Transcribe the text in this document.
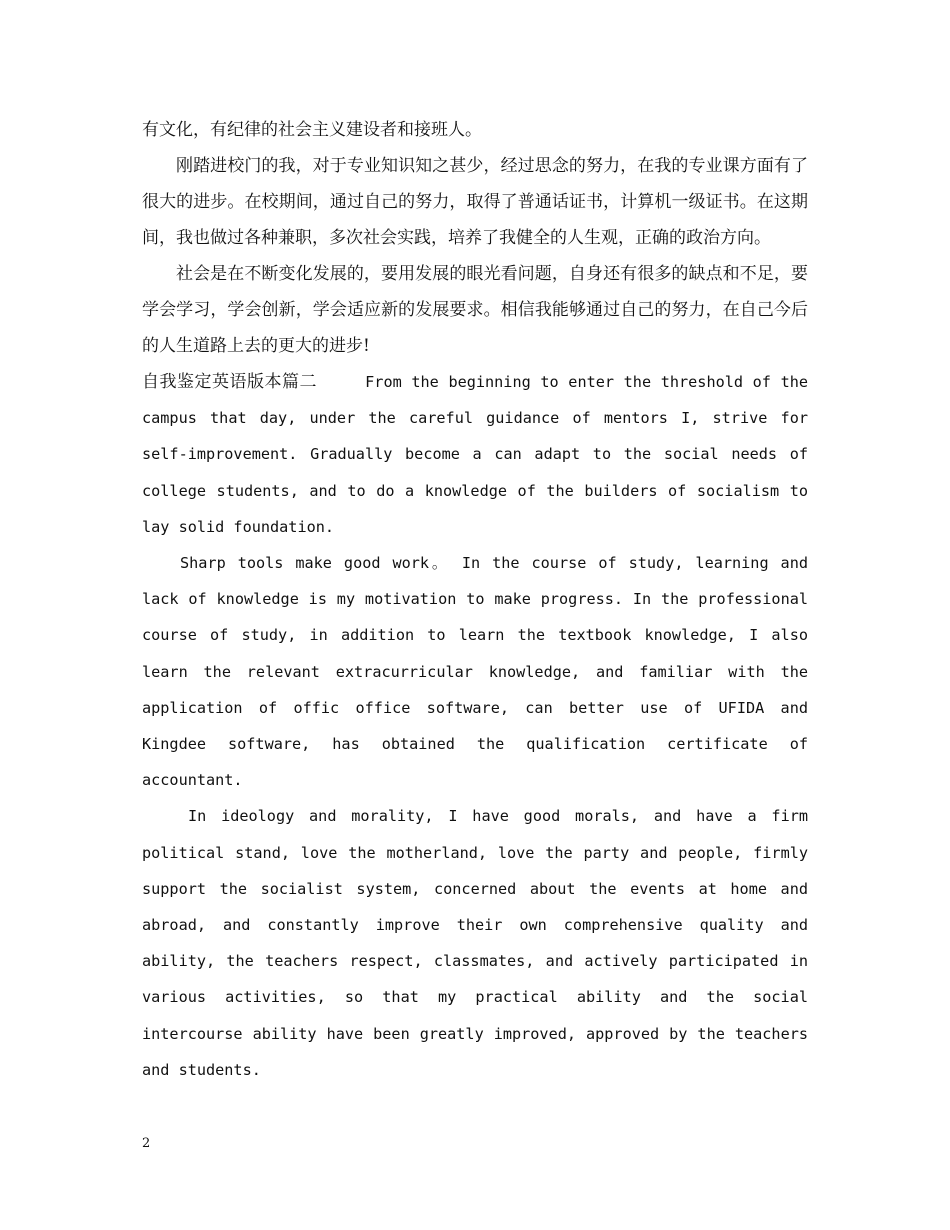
有文化，有纪律的社会主义建设者和接班人。

刚踏进校门的我，对于专业知识知之甚少，经过思念的努力，在我的专业课方面有了很大的进步。在校期间，通过自己的努力，取得了普通话证书，计算机一级证书。在这期间，我也做过各种兼职，多次社会实践，培养了我健全的人生观，正确的政治方向。

社会是在不断变化发展的，要用发展的眼光看问题，自身还有很多的缺点和不足，要学会学习，学会创新，学会适应新的发展要求。相信我能够通过自己的努力，在自己今后的人生道路上去的更大的进步!

自我鉴定英语版本篇二	From the beginning to enter the threshold of the campus that day, under the careful guidance of mentors I, strive for self-improvement. Gradually become a can adapt to the social needs of college students, and to do a knowledge of the builders of socialism to lay solid foundation.

Sharp tools make good work。 In the course of study, learning and lack of knowledge is my motivation to make progress. In the professional course of study, in addition to learn the textbook knowledge, I also learn the relevant extracurricular knowledge, and familiar with the application of offic office software, can better use of UFIDA and Kingdee software, has obtained the qualification certificate of accountant.

In ideology and morality, I have good morals, and have a firm political stand, love the motherland, love the party and people, firmly support the socialist system, concerned about the events at home and abroad, and constantly improve their own comprehensive quality and ability, the teachers respect, classmates, and actively participated in various activities, so that my practical ability and the social intercourse ability have been greatly improved, approved by the teachers and students.

2
